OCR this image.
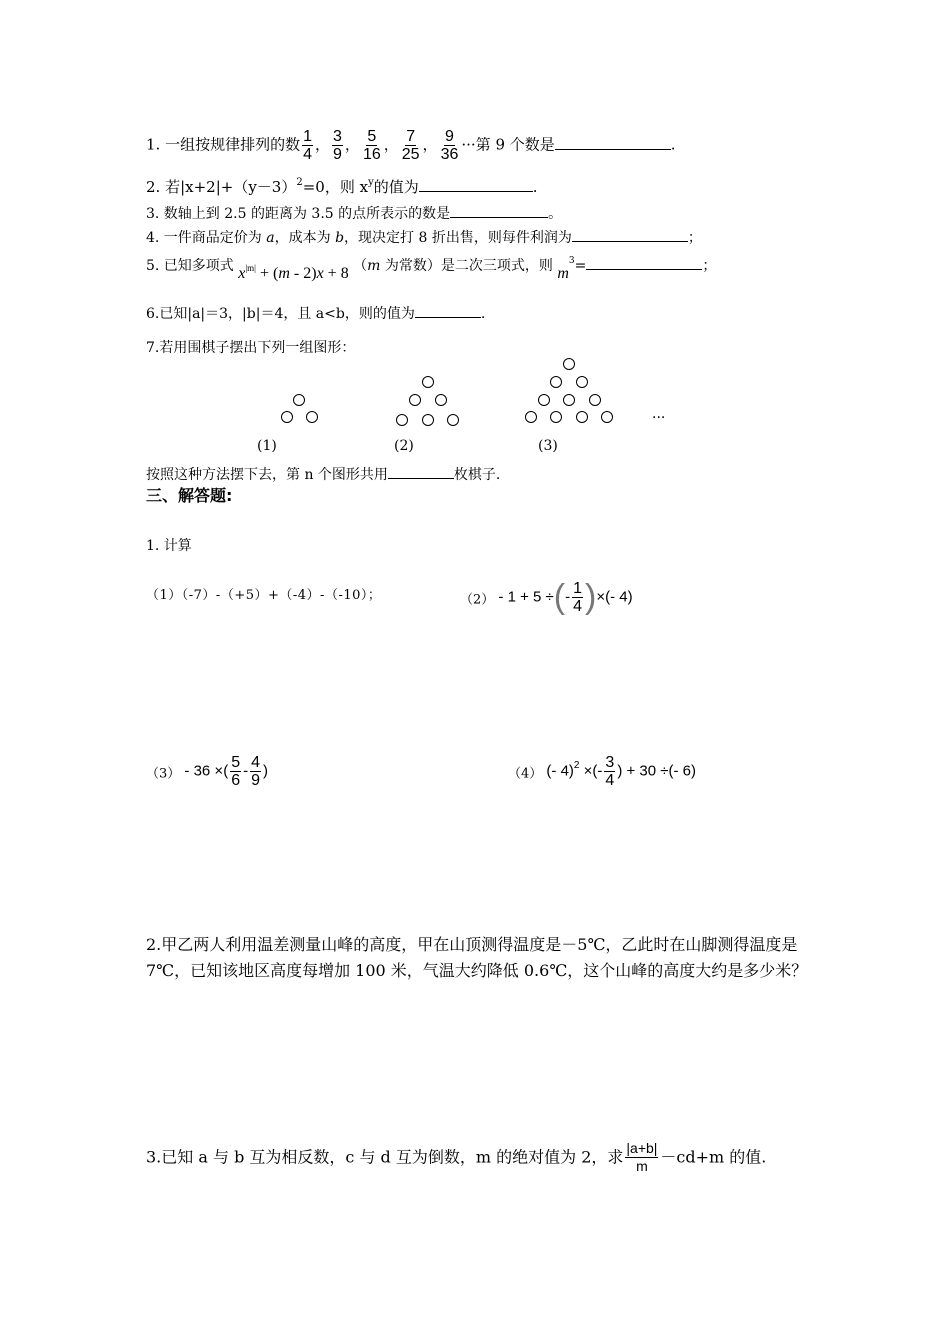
1. 一组按规律排列的数 $\frac{1}{4}$ ， $\frac{3}{9}$ ， $\frac{5}{16}$ ， $\frac{7}{25}$ ， $\frac{9}{36}$ ···第 9 个数是	.
2. 若$|x+2|+(y-3)^2=0$，则 $x^y$的值为	.
3. 数轴上到 2.5 的距离为 3.5 的点所表示的数是	。
4. 一件商品定价为 a，成本为 b，现决定打 8 折出售，则每件利润为	；
5. 已知多项式 $x^{|m|} + (m - 2)x + 8$ （m 为常数）是二次三项式，则 $m^3=$	；
6.已知|a|＝3，|b|＝4，且 a<b，则的值为	.
7.若用围棋子摆出下列一组图形：
···
(1)	(2)	(3)
按照这种方法摆下去，第 n 个图形共用	枚棋子.
三、解答题:
1. 计算
（1）（-7）-（+5）+（-4）-（-10）；	（2） - 1 + 5 ÷(- $\frac{1}{4}$ )×(- 4)
（3） - 36 ×( $\frac{5}{6} - \frac{4}{9}$ )	（4） (- 4)$^2$ ×(- $\frac{3}{4}$ ) + 30 ÷(- 6)
2.甲乙两人利用温差测量山峰的高度，甲在山顶测得温度是－5℃，乙此时在山脚测得温度是 7℃，已知该地区高度每增加 100 米，气温大约降低 0.6℃，这个山峰的高度大约是多少米？
3.已知 a 与 b 互为相反数，c 与 d 互为倒数，m 的绝对值为 2，求 $\frac{|a+b|}{m} -cd+m$ 的值.
